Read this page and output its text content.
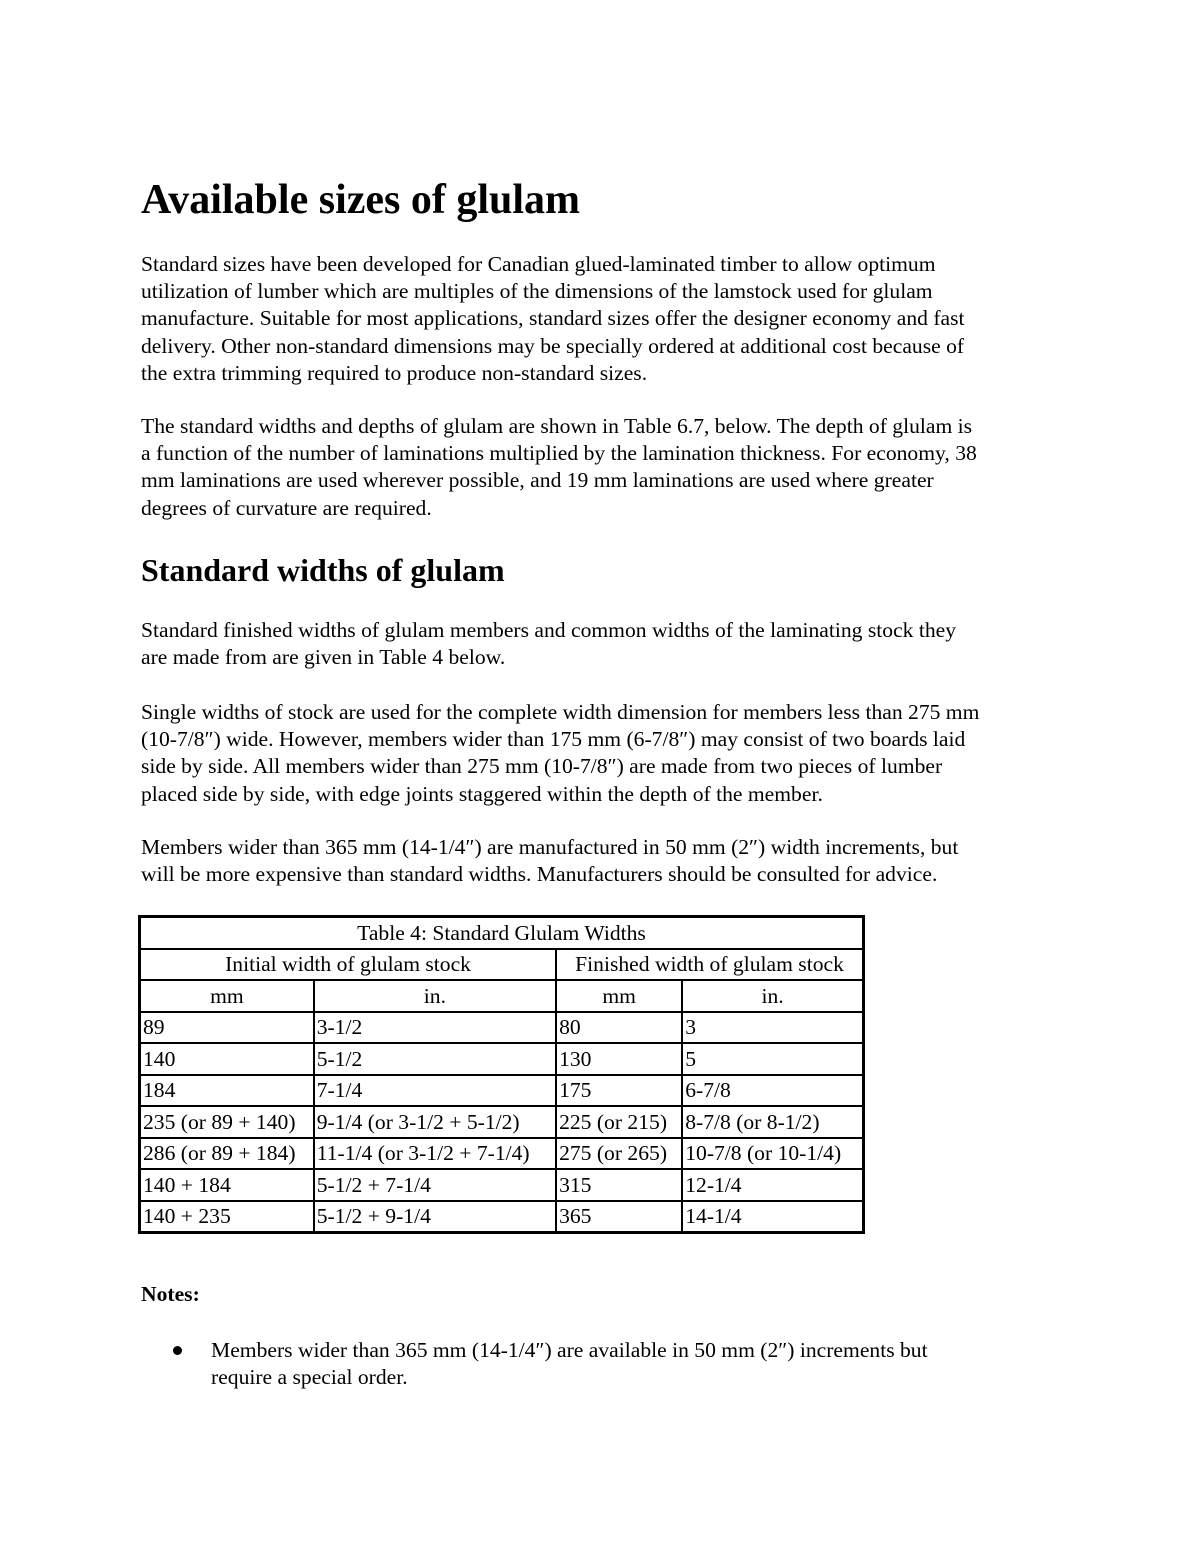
Available sizes of glulam

Standard sizes have been developed for Canadian glued-laminated timber to allow optimum
utilization of lumber which are multiples of the dimensions of the lamstock used for glulam
manufacture. Suitable for most applications, standard sizes offer the designer economy and fast
delivery. Other non-standard dimensions may be specially ordered at additional cost because of
the extra trimming required to produce non-standard sizes.

The standard widths and depths of glulam are shown in Table 6.7, below. The depth of glulam is
a function of the number of laminations multiplied by the lamination thickness. For economy, 38
mm laminations are used wherever possible, and 19 mm laminations are used where greater
degrees of curvature are required.

Standard widths of glulam

Standard finished widths of glulam members and common widths of the laminating stock they
are made from are given in Table 4 below.

Single widths of stock are used for the complete width dimension for members less than 275 mm
(10-7/8″) wide. However, members wider than 175 mm (6-7/8″) may consist of two boards laid
side by side. All members wider than 275 mm (10-7/8″) are made from two pieces of lumber
placed side by side, with edge joints staggered within the depth of the member.

Members wider than 365 mm (14-1/4″) are manufactured in 50 mm (2″) width increments, but
will be more expensive than standard widths. Manufacturers should be consulted for advice.

Table 4: Standard Glulam Widths			
Initial width of glulam stock		Finished width of glulam stock	
mm	in.	mm	in.
89	3-1/2	80	3
140	5-1/2	130	5
184	7-1/4	175	6-7/8
235 (or 89 + 140)	9-1/4 (or 3-1/2 + 5-1/2)	225 (or 215)	8-7/8 (or 8-1/2)
286 (or 89 + 184)	11-1/4 (or 3-1/2 + 7-1/4)	275 (or 265)	10-7/8 (or 10-1/4)
140 + 184	5-1/2 + 7-1/4	315	12-1/4
140 + 235	5-1/2 + 9-1/4	365	14-1/4

Notes:

Members wider than 365 mm (14-1/4″) are available in 50 mm (2″) increments but
require a special order.
